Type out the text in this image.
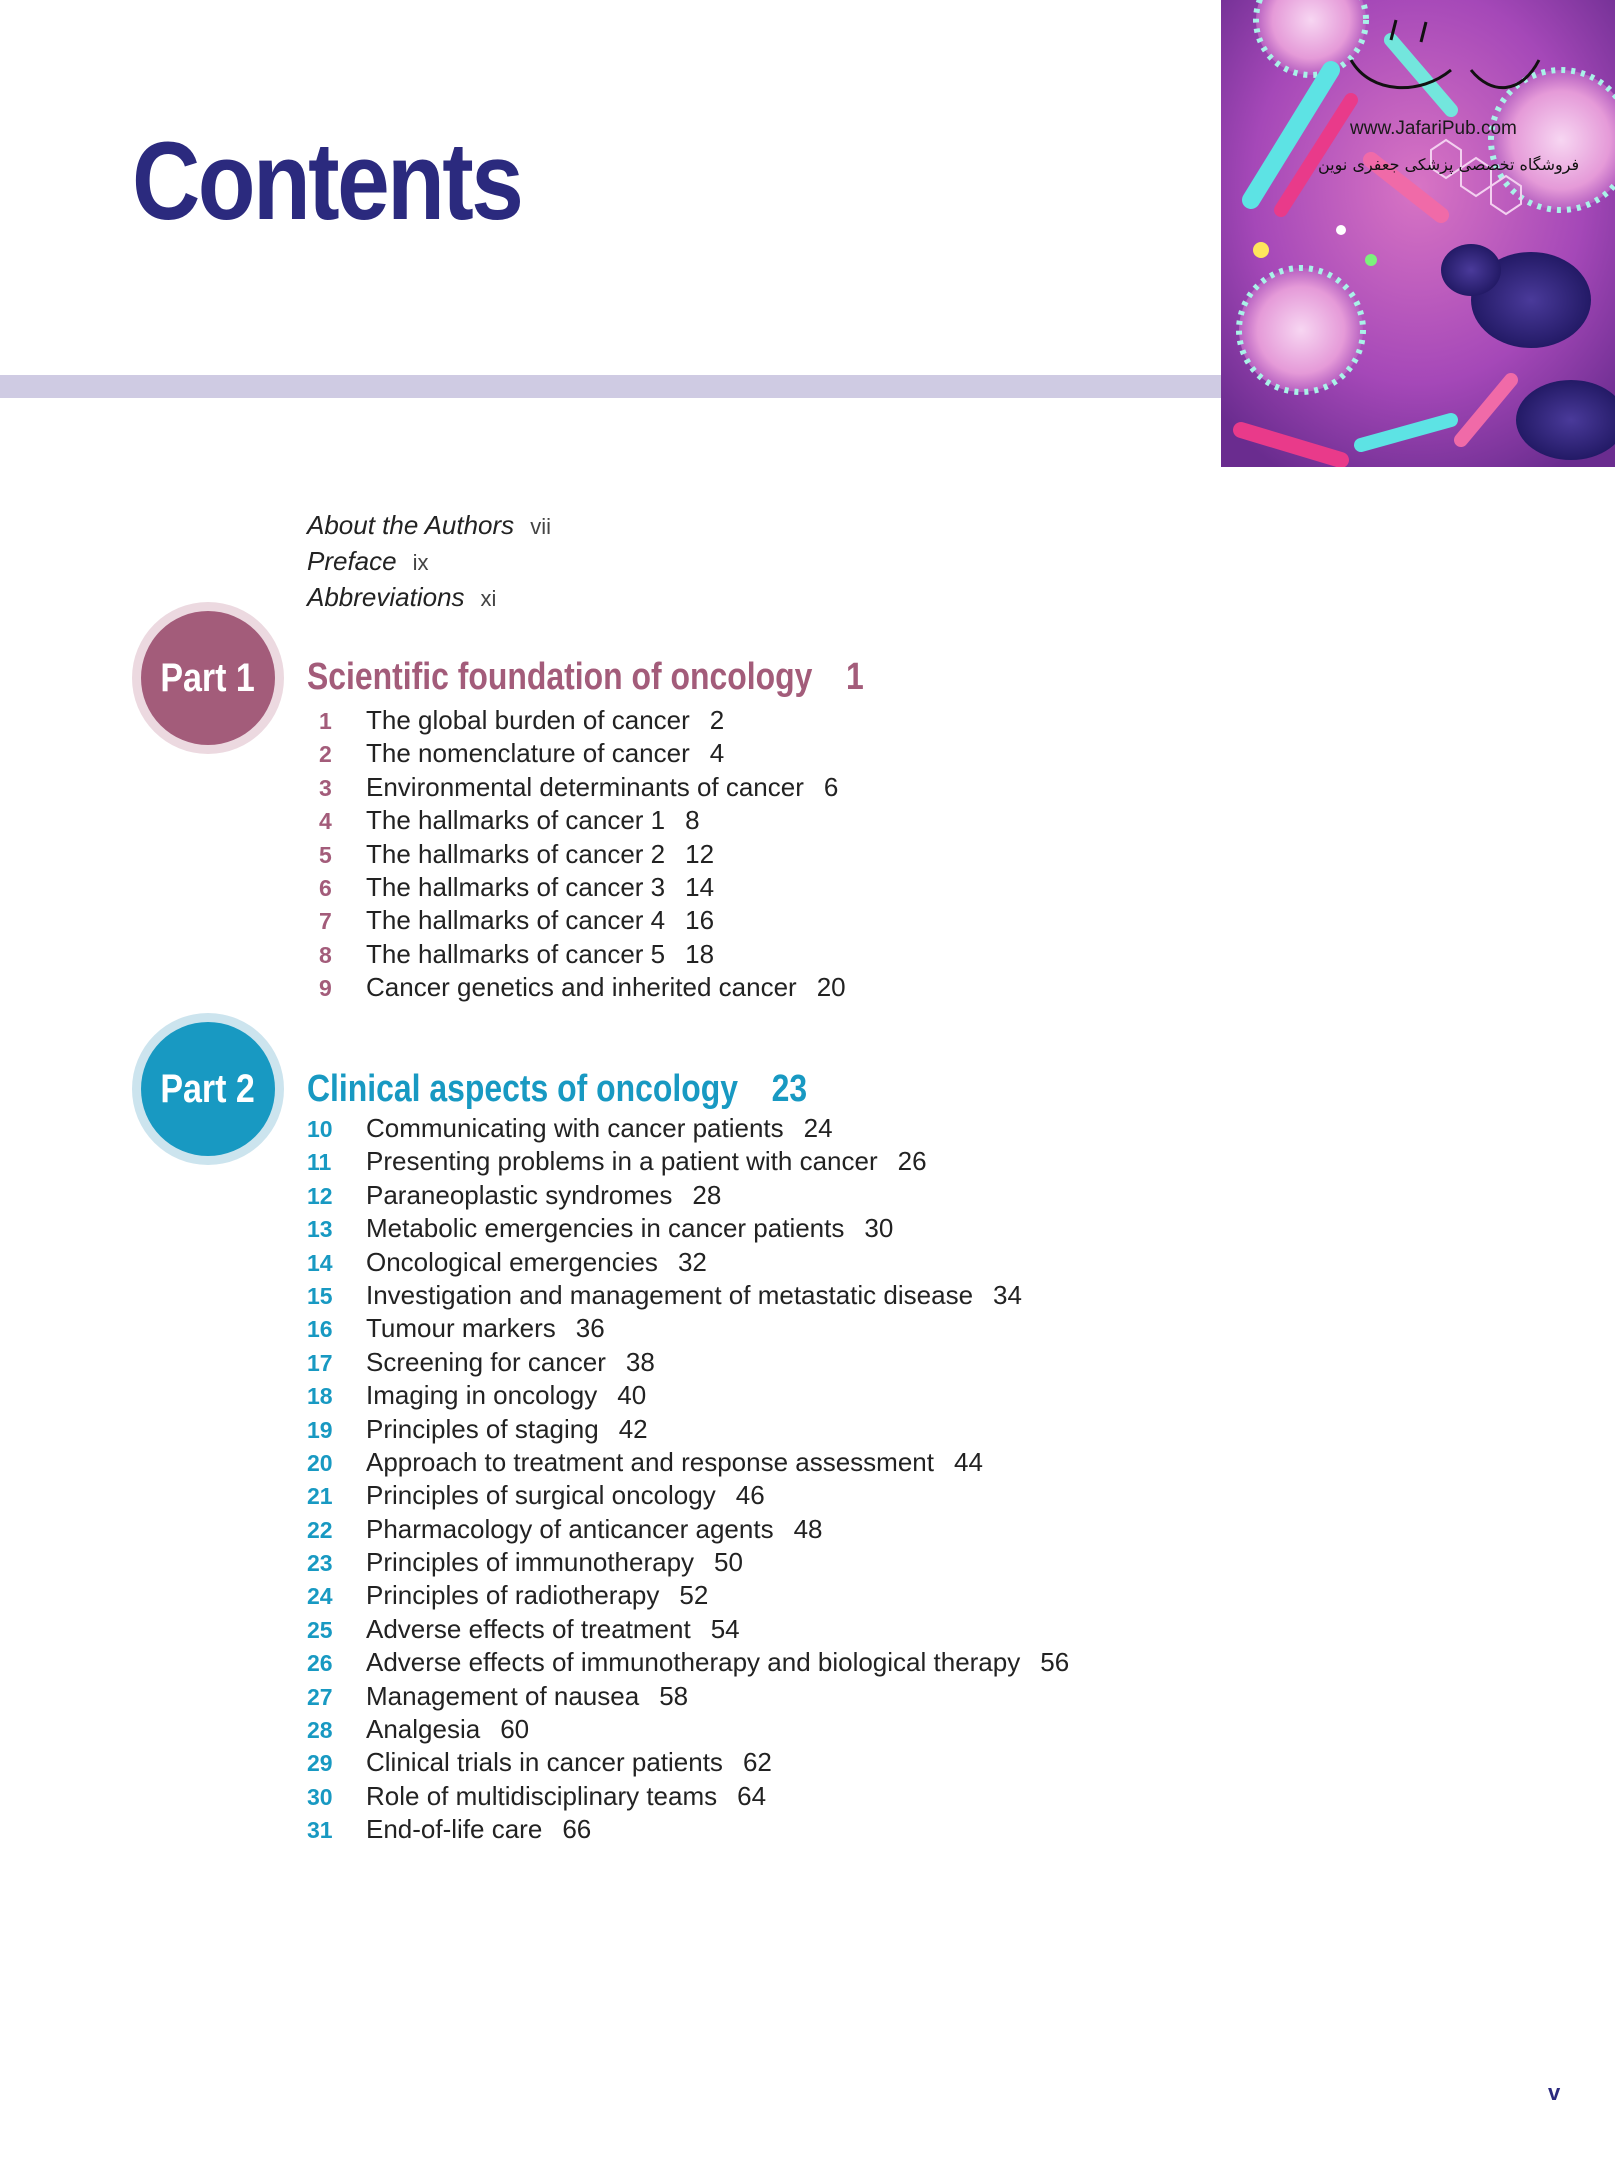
Contents	www.JafariPub.com
فروشگاه تخصصی پزشکی جعفری نوین
About the Authors vii
Preface ix
Abbreviations xi
Part 1 Scientific foundation of oncology 1
1 The global burden of cancer 2
2 The nomenclature of cancer 4
3 Environmental determinants of cancer 6
4 The hallmarks of cancer 1 8
5 The hallmarks of cancer 2 12
6 The hallmarks of cancer 3 14
7 The hallmarks of cancer 4 16
8 The hallmarks of cancer 5 18
9 Cancer genetics and inherited cancer 20
Part 2 Clinical aspects of oncology 23
10 Communicating with cancer patients 24
11 Presenting problems in a patient with cancer 26
12 Paraneoplastic syndromes 28
13 Metabolic emergencies in cancer patients 30
14 Oncological emergencies 32
15 Investigation and management of metastatic disease 34
16 Tumour markers 36
17 Screening for cancer 38
18 Imaging in oncology 40
19 Principles of staging 42
20 Approach to treatment and response assessment 44
21 Principles of surgical oncology 46
22 Pharmacology of anticancer agents 48
23 Principles of immunotherapy 50
24 Principles of radiotherapy 52
25 Adverse effects of treatment 54
26 Adverse effects of immunotherapy and biological therapy 56
27 Management of nausea 58
28 Analgesia 60
29 Clinical trials in cancer patients 62
30 Role of multidisciplinary teams 64
31 End-of-life care 66
v
